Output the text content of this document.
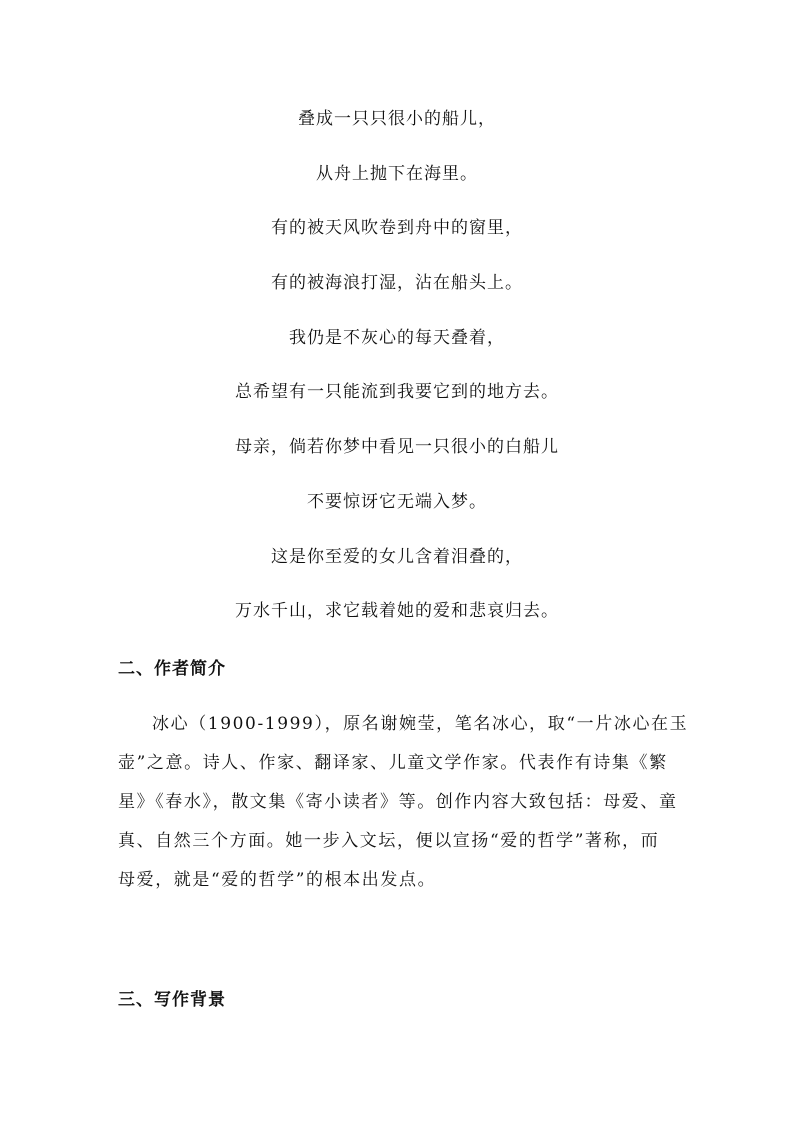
叠成一只只很小的船儿，
从舟上抛下在海里。
有的被天风吹卷到舟中的窗里，
有的被海浪打湿，沾在船头上。
我仍是不灰心的每天叠着，
总希望有一只能流到我要它到的地方去。
母亲，倘若你梦中看见一只很小的白船儿
不要惊讶它无端入梦。
这是你至爱的女儿含着泪叠的，
万水千山，求它载着她的爱和悲哀归去。
二、作者简介
冰心（1900-1999），原名谢婉莹，笔名冰心，取“一片冰心在玉
壶”之意。诗人、作家、翻译家、儿童文学作家。代表作有诗集《繁
星》《春水》，散文集《寄小读者》等。创作内容大致包括：母爱、童
真、自然三个方面。她一步入文坛，便以宣扬“爱的哲学”著称，而
母爱，就是“爱的哲学”的根本出发点。
三、写作背景
